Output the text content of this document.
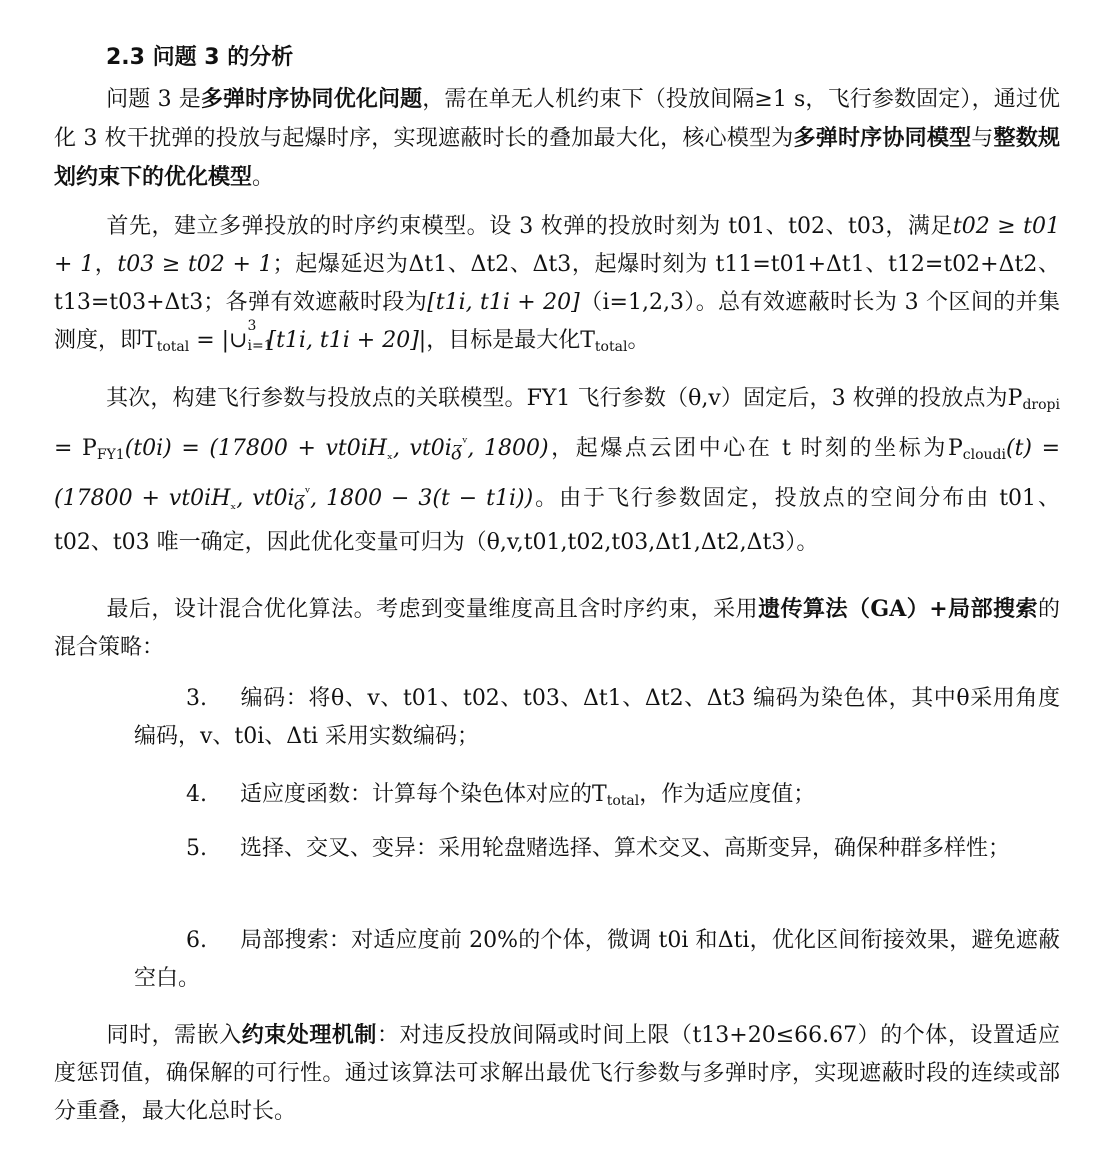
2.3 问题 3 的分析
问题 3 是多弹时序协同优化问题，需在单无人机约束下（投放间隔≥1 s，飞行参数固定），通过优化 3 枚干扰弹的投放与起爆时序，实现遮蔽时长的叠加最大化，核心模型为多弹时序协同模型与整数规划约束下的优化模型。
首先，建立多弹投放的时序约束模型。设 3 枚弹的投放时刻为 t01、t02、t03，满足t02 ≥ t01 + 1，t03 ≥ t02 + 1；起爆延迟为Δt1、Δt2、Δt3，起爆时刻为 t11=t01+Δt1、t12=t02+Δt2、t13=t03+Δt3；各弹有效遮蔽时段为[t1i, t1i + 20]（i=1,2,3）。总有效遮蔽时长为 3 个区间的并集测度，即$T_{total}$ = |∪
3
i=1
[t1i, t1i + 20]|，目标是最大化$T_{total}$。
其次，构建飞行参数与投放点的关联模型。FY1 飞行参数（θ,v）固定后，3 枚弹的投放点为$P_{dropi} = P_{FY1}(t0i) = (17800 + vt0iH_{_x}$, vt0iᵹ$^ᵛ$, 1800)，起爆点云团中心在 t 时刻的坐标为$P_{cloudi}(t) = (17800 + vt0iH_{_x}$, vt0iᵹ$^ᵛ$, 1800 − 3(t − t1i))。由于飞行参数固定，投放点的空间分布由 t01、t02、t03 唯一确定，因此优化变量可归为（θ,v,t01,t02,t03,Δt1,Δt2,Δt3）。
最后，设计混合优化算法。考虑到变量维度高且含时序约束，采用遗传算法（GA）+局部搜索的混合策略：
3. 编码：将θ、v、t01、t02、t03、Δt1、Δt2、Δt3 编码为染色体，其中θ采用角度编码，v、t0i、Δti 采用实数编码；
4. 适应度函数：计算每个染色体对应的$T_{total}$，作为适应度值；
5. 选择、交叉、变异：采用轮盘赌选择、算术交叉、高斯变异，确保种群多样性；
6. 局部搜索：对适应度前 20%的个体，微调 t0i 和Δti，优化区间衔接效果，避免遮蔽空白。
同时，需嵌入约束处理机制：对违反投放间隔或时间上限（t13+20≤66.67）的个体，设置适应度惩罚值，确保解的可行性。通过该算法可求解出最优飞行参数与多弹时序，实现遮蔽时段的连续或部分重叠，最大化总时长。
